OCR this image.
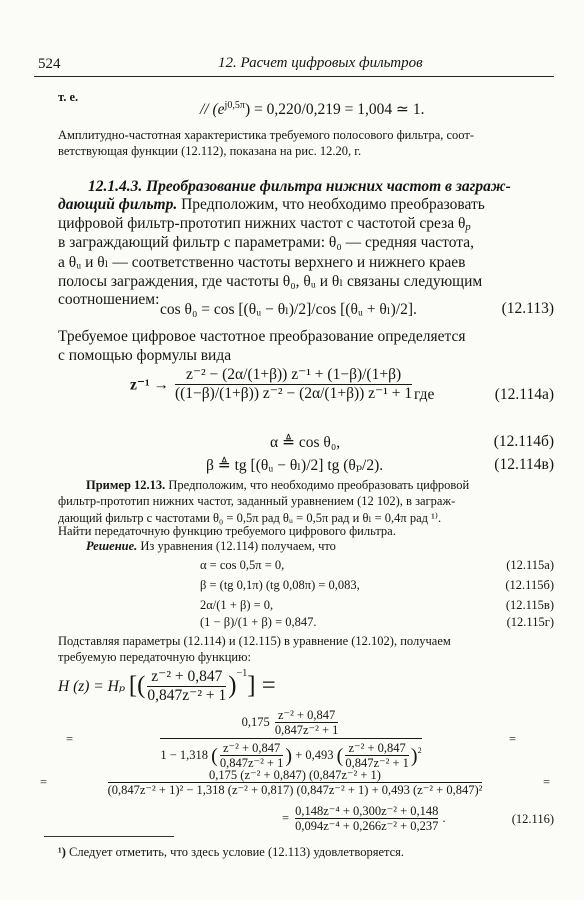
524	12. Расчет цифровых фильтров
т. е.
// $(e^{j0,5\pi}) = 0,220/0,219 = 1,004$ ≃ 1.
Амплитудно-частотная характеристика требуемого полосового фильтра, соот-
ветствующая функции (12.112), показана на рис. 12.20, г.
12.1.4.3. Преобразование фильтра нижних частот в заграж-
дающий фильтр. Предположим, что необходимо преобразовать
цифровой фильтр-прототип нижних частот с частотой среза θp
в заграждающий фильтр с параметрами: θ₀ — средняя частота,
а θᵤ и θₗ — соответственно частоты верхнего и нижнего краев
полосы заграждения, где частоты θ₀, θᵤ и θₗ связаны следующим
соотношением:
cos θ₀ = cos [(θᵤ − θₗ)/2]/cos [(θᵤ + θₗ)/2].	(12.113)
Требуемое цифровое частотное преобразование определяется
с помощью формулы вида
$z^{-1} \to \frac{\text{z⁻² − (2α/(1+β)) z⁻¹ + (1−β)/(1+β)}}{\text{((1−β)/(1+β)) z⁻² − (2α/(1+β)) z⁻¹ + 1}}$ где	(12.114а)
α ≜ cos θ₀,	(12.114б)
β ≜ tg [(θᵤ − θₗ)/2] tg (θₚ/2).	(12.114в)
Пример 12.13. Предположим, что необходимо преобразовать цифровой
фильтр-прототип нижних частот, заданный уравнением (12 102), в заграж-
дающий фильтр с частотами θ₀ = 0,5π рад θᵤ = 0,5π рад и θₗ = 0,4π рад ¹⁾.
Найти передаточную функцию требуемого цифрового фильтра.
Решение. Из уравнения (12.114) получаем, что
α = cos 0,5π = 0,	(12.115а)
β = (tg 0,1π) (tg 0,08π) = 0,083,	(12.115б)
2α/(1 + β) = 0,	(12.115в)
(1 − β)/(1 + β) = 0,847.	(12.115г)
Подставляя параметры (12.114) и (12.115) в уравнение (12.102), получаем
требуемую передаточную функцию:
H (z) = Hₚ [( $\frac{\text{z⁻² + 0,847}}{\text{0,847z⁻² + 1}} )^{-1}$] =
=
$0,175 \frac{\text{z⁻² + 0,847}}{\text{0,847z⁻² + 1}}$
1 − 1,318 ( $\frac{\text{z⁻² + 0,847}}{\text{0,847z⁻² + 1}}$ ) + 0,493 ( $\frac{\text{z⁻² + 0,847}}{\text{0,847z⁻² + 1}} )^2$
=
=
0,175 (z⁻² + 0,847) (0,847z⁻² + 1)
(0,847z⁻² + 1)² − 1,318 (z⁻² + 0,817) (0,847z⁻² + 1) + 0,493 (z⁻² + 0,847)²
=
= $\frac{\text{0,148z⁻⁴ + 0,300z⁻² + 0,148}}{\text{0,094z⁻⁴ + 0,266z⁻² + 0,237}}$ .	(12.116)
¹) Следует отметить, что здесь условие (12.113) удовлетворяется.
